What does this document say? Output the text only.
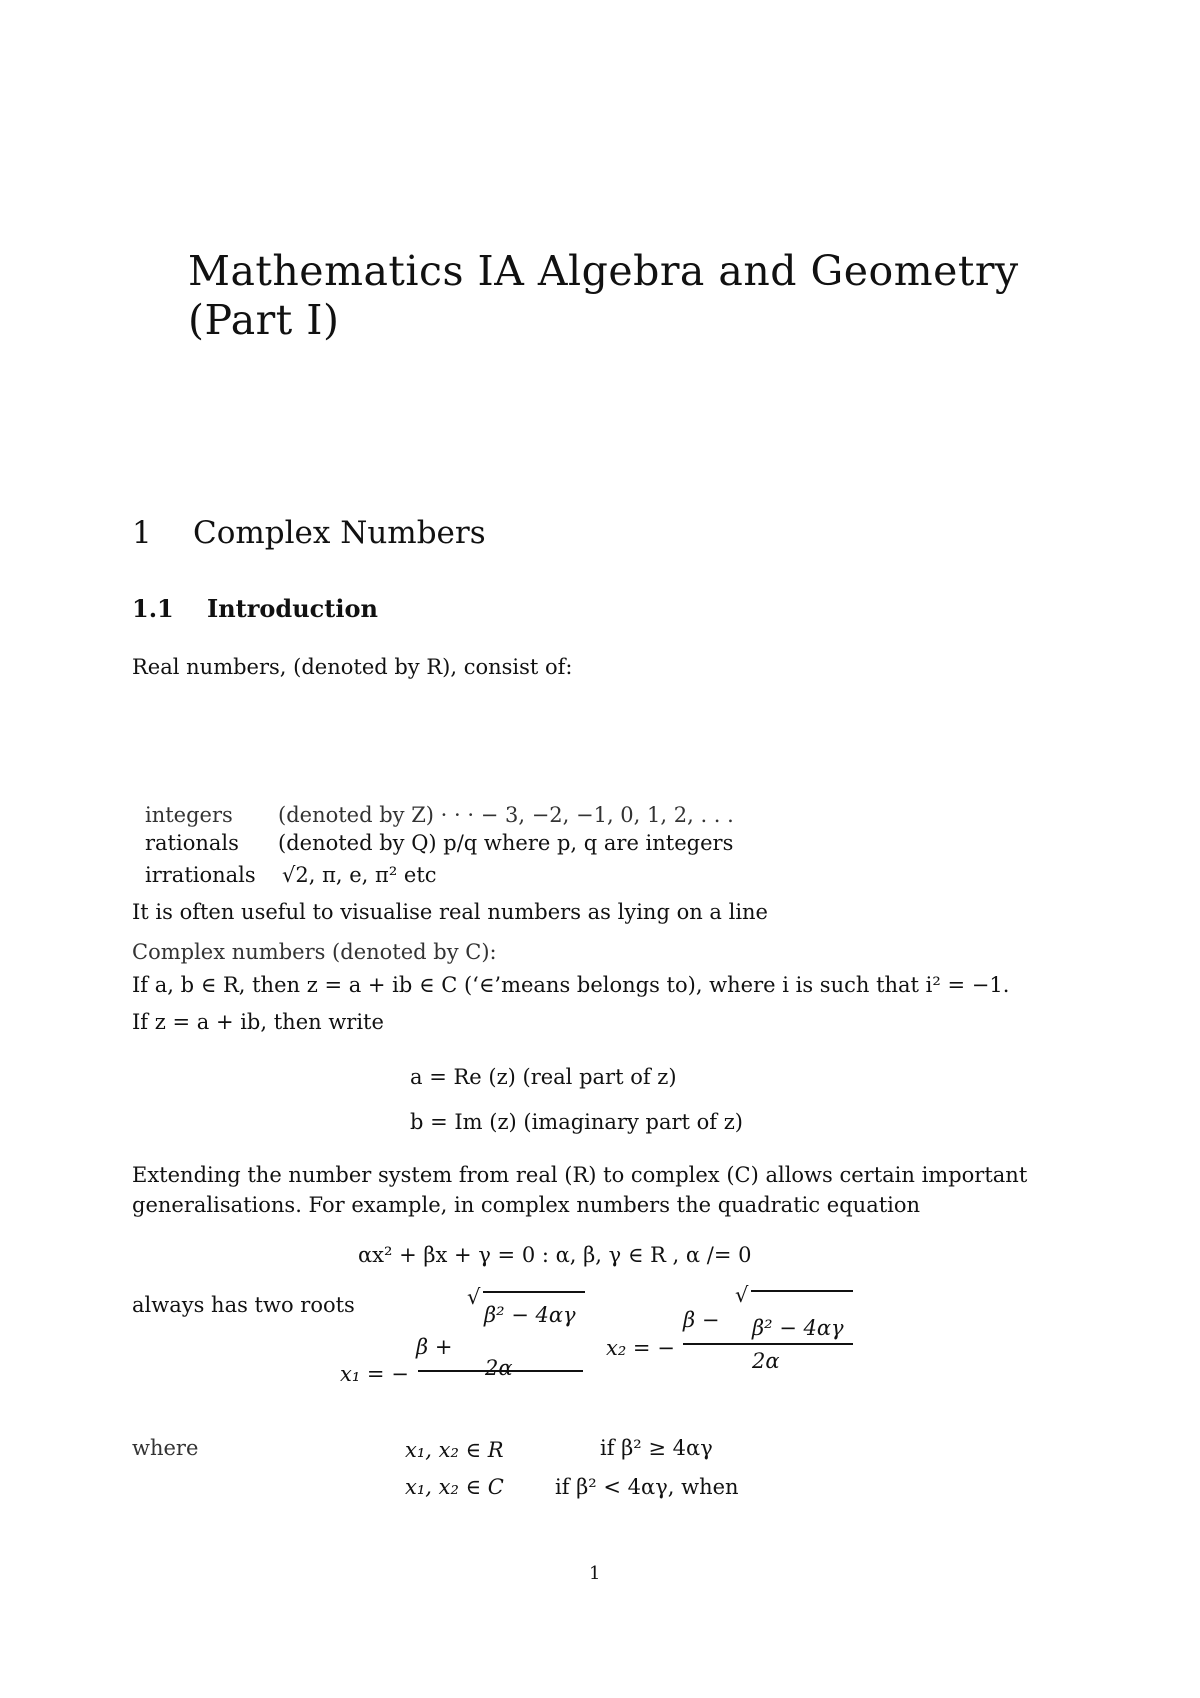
Mathematics IA Algebra and Geometry
(Part I)
1 Complex Numbers
1.1 Introduction
Real numbers, (denoted by R), consist of:
integers (denoted by Z) · · · − 3, −2, −1, 0, 1, 2, . . .
rationals (denoted by Q) p/q where p, q are integers
irrationals √2, π, e, π² etc
It is often useful to visualise real numbers as lying on a line
Complex numbers (denoted by C):
If a, b ∈ R, then z = a + ib ∈ C (‘∈’means belongs to), where i is such that i² = −1.
If z = a + ib, then write
a = Re (z) (real part of z)
b = Im (z) (imaginary part of z)
Extending the number system from real (R) to complex (C) allows certain important
generalisations. For example, in complex numbers the quadratic equation
αx² + βx + γ = 0 : α, β, γ ∈ R , α /= 0
always has two roots	√
β² − 4αγ
β +
2α
x₁ = −
√
β − β² − 4αγ
2α
x₂ = −
where	x₁, x₂ ∈ R	if β² ≥ 4αγ
x₁, x₂ ∈ C if β² < 4αγ, when
1
